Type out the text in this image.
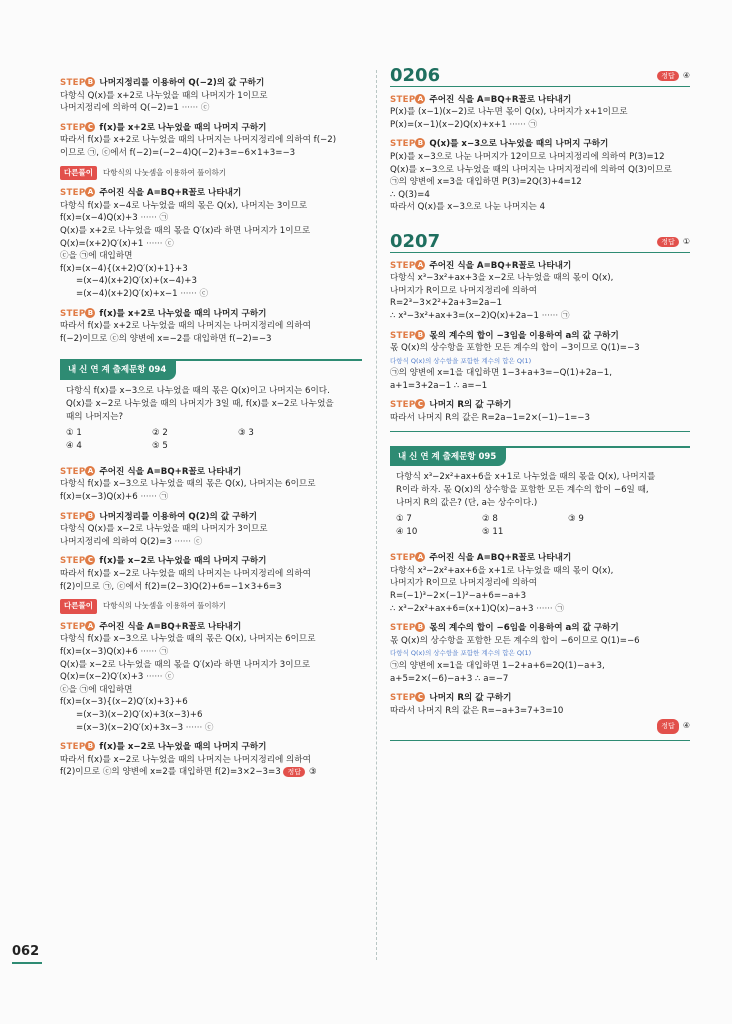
STEP B 나머지정리를 이용하여 Q(−2)의 값 구하기
다항식 Q(x)를 x+2로 나누었을 때의 나머지가 1이므로
나머지정리에 의하여 Q(−2)=1 ······ ⓒ
STEP C f(x)를 x+2로 나누었을 때의 나머지 구하기
따라서 f(x)를 x+2로 나누었을 때의 나머지는 나머지정리에 의하여 f(−2)
이므로 ㉠, ⓒ에서 f(−2)=(−2−4)Q(−2)+3=−6×1+3=−3
다른풀이	다항식의 나눗셈을 이용하여 풀이하기
STEP A 주어진 식을 A=BQ+R꼴로 나타내기
다항식 f(x)를 x−4로 나누었을 때의 몫은 Q(x), 나머지는 3이므로
f(x)=(x−4)Q(x)+3 ······ ㉠
Q(x)를 x+2로 나누었을 때의 몫을 Q′(x)라 하면 나머지가 1이므로
Q(x)=(x+2)Q′(x)+1 ······ ⓒ
ⓒ을 ㉠에 대입하면
f(x)=(x−4){(x+2)Q′(x)+1}+3
=(x−4)(x+2)Q′(x)+(x−4)+3
=(x−4)(x+2)Q′(x)+x−1 ······ ⓒ
STEP B f(x)를 x+2로 나누었을 때의 나머지 구하기
따라서 f(x)를 x+2로 나누었을 때의 나머지는 나머지정리에 의하여
f(−2)이므로 ⓒ의 양변에 x=−2를 대입하면 f(−2)=−3
내 신 연 계 출제문항 094
다항식 f(x)를 x−3으로 나누었을 때의 몫은 Q(x)이고 나머지는 6이다.
Q(x)를 x−2로 나누었을 때의 나머지가 3일 때, f(x)를 x−2로 나누었을
때의 나머지는?
① 1	② 2	③ 3
④ 4	⑤ 5
STEP A 주어진 식을 A=BQ+R꼴로 나타내기
다항식 f(x)를 x−3으로 나누었을 때의 몫은 Q(x), 나머지는 6이므로
f(x)=(x−3)Q(x)+6 ······ ㉠
STEP B 나머지정리를 이용하여 Q(2)의 값 구하기
다항식 Q(x)를 x−2로 나누었을 때의 나머지가 3이므로
나머지정리에 의하여 Q(2)=3 ······ ⓒ
STEP C f(x)를 x−2로 나누었을 때의 나머지 구하기
따라서 f(x)를 x−2로 나누었을 때의 나머지는 나머지정리에 의하여
f(2)이므로 ㉠, ⓒ에서 f(2)=(2−3)Q(2)+6=−1×3+6=3
다른풀이	다항식의 나눗셈을 이용하여 풀이하기
STEP A 주어진 식을 A=BQ+R꼴로 나타내기
다항식 f(x)를 x−3으로 나누었을 때의 몫은 Q(x), 나머지는 6이므로
f(x)=(x−3)Q(x)+6 ······ ㉠
Q(x)를 x−2로 나누었을 때의 몫을 Q′(x)라 하면 나머지가 3이므로
Q(x)=(x−2)Q′(x)+3 ······ ⓒ
ⓒ을 ㉠에 대입하면
f(x)=(x−3){(x−2)Q′(x)+3}+6
=(x−3)(x−2)Q′(x)+3(x−3)+6
=(x−3)(x−2)Q′(x)+3x−3 ······ ⓒ
STEP B f(x)를 x−2로 나누었을 때의 나머지 구하기
따라서 f(x)를 x−2로 나누었을 때의 나머지는 나머지정리에 의하여
f(2)이므로 ⓒ의 양변에 x=2를 대입하면 f(2)=3×2−3=3 정답 ③
0206	정답 ④
STEP A 주어진 식을 A=BQ+R꼴로 나타내기
P(x)를 (x−1)(x−2)로 나누면 몫이 Q(x), 나머지가 x+1이므로
P(x)=(x−1)(x−2)Q(x)+x+1 ······ ㉠
STEP B Q(x)를 x−3으로 나누었을 때의 나머지 구하기
P(x)를 x−3으로 나눈 나머지가 12이므로 나머지정리에 의하여 P(3)=12
Q(x)를 x−3으로 나누었을 때의 나머지는 나머지정리에 의하여 Q(3)이므로
㉠의 양변에 x=3을 대입하면 P(3)=2Q(3)+4=12
∴ Q(3)=4
따라서 Q(x)를 x−3으로 나눈 나머지는 4
0207	정답 ①
STEP A 주어진 식을 A=BQ+R꼴로 나타내기
다항식 x³−3x²+ax+3을 x−2로 나누었을 때의 몫이 Q(x),
나머지가 R이므로 나머지정리에 의하여
R=2³−3×2²+2a+3=2a−1
∴ x³−3x²+ax+3=(x−2)Q(x)+2a−1 ······ ㉠
STEP B 몫의 계수의 합이 −3임을 이용하여 a의 값 구하기
몫 Q(x)의 상수항을 포함한 모든 계수의 합이 −3이므로 Q(1)=−3
다항식 Q(x)의 상수항을 포함한 계수의 합은 Q(1)
㉠의 양변에 x=1을 대입하면 1−3+a+3=−Q(1)+2a−1,
a+1=3+2a−1 ∴ a=−1
STEP C 나머지 R의 값 구하기
따라서 나머지 R의 값은 R=2a−1=2×(−1)−1=−3
내 신 연 계 출제문항 095
다항식 x³−2x²+ax+6을 x+1로 나누었을 때의 몫을 Q(x), 나머지를
R이라 하자. 몫 Q(x)의 상수항을 포함한 모든 계수의 합이 −6일 때,
나머지 R의 값은? (단, a는 상수이다.)
① 7	② 8	③ 9
④ 10	⑤ 11
STEP A 주어진 식을 A=BQ+R꼴로 나타내기
다항식 x³−2x²+ax+6을 x+1로 나누었을 때의 몫이 Q(x),
나머지가 R이므로 나머지정리에 의하여
R=(−1)³−2×(−1)²−a+6=−a+3
∴ x³−2x²+ax+6=(x+1)Q(x)−a+3 ······ ㉠
STEP B 몫의 계수의 합이 −6임을 이용하여 a의 값 구하기
몫 Q(x)의 상수항을 포함한 모든 계수의 합이 −6이므로 Q(1)=−6
다항식 Q(x)의 상수항을 포함한 계수의 합은 Q(1)
㉠의 양변에 x=1을 대입하면 1−2+a+6=2Q(1)−a+3,
a+5=2×(−6)−a+3 ∴ a=−7
STEP C 나머지 R의 값 구하기
따라서 나머지 R의 값은 R=−a+3=7+3=10
정답	④
062
